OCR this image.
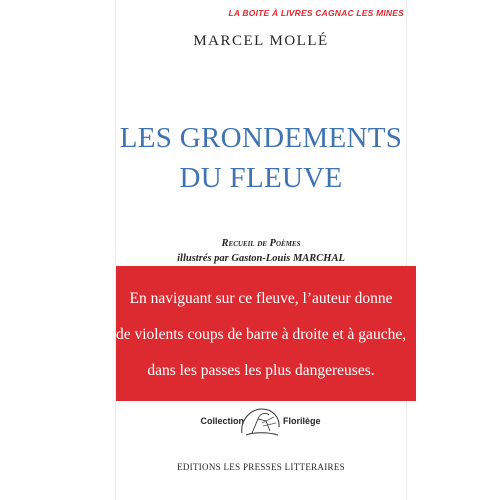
LA BOITE À LIVRES CAGNAC LES MINES
MARCEL MOLLÉ
LES GRONDEMENTS
DU FLEUVE
Recueil de Poèmes
illustrés par Gaston-Louis MARCHAL
En naviguant sur ce fleuve, l’auteur donne
de violents coups de barre à droite et à gauche,
dans les passes les plus dangereuses.
Collection	Florilège
EDITIONS LES PRESSES LITTERAIRES
